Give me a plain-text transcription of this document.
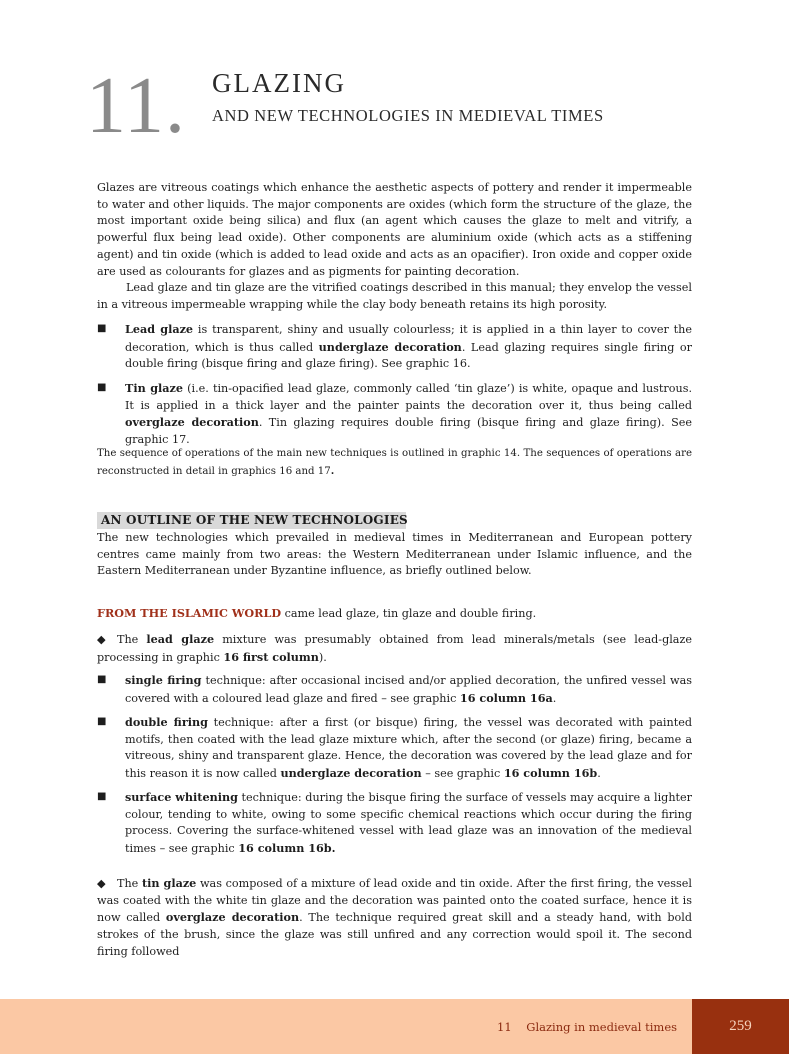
11. GLAZING
AND NEW TECHNOLOGIES IN MEDIEVAL TIMES

Glazes are vitreous coatings which enhance the aesthetic aspects of pottery and render it impermeable to water and other liquids. The major components are oxides (which form the structure of the glaze, the most important oxide being silica) and flux (an agent which causes the glaze to melt and vitrify, a powerful flux being lead oxide). Other components are aluminium oxide (which acts as a stiffening agent) and tin oxide (which is added to lead oxide and acts as an opacifier). Iron oxide and copper oxide are used as colourants for glazes and as pigments for painting decoration.

Lead glaze and tin glaze are the vitrified coatings described in this manual; they envelop the vessel in a vitreous impermeable wrapping while the clay body beneath retains its high porosity.

■	Lead glaze is transparent, shiny and usually colourless; it is applied in a thin layer to cover the decoration, which is thus called underglaze decoration. Lead glazing requires single firing or double firing (bisque firing and glaze firing). See graphic 16.

■	Tin glaze (i.e. tin-opacified lead glaze, commonly called ‘tin glaze’) is white, opaque and lustrous. It is applied in a thick layer and the painter paints the decoration over it, thus being called overglaze decoration. Tin glazing requires double firing (bisque firing and glaze firing). See graphic 17.

The sequence of operations of the main new techniques is outlined in graphic 14. The sequences of operations are reconstructed in detail in graphics 16 and 17.

AN OUTLINE OF THE NEW TECHNOLOGIES

The new technologies which prevailed in medieval times in Mediterranean and European pottery centres came mainly from two areas: the Western Mediterranean under Islamic influence, and the Eastern Mediterranean under Byzantine influence, as briefly outlined below.

FROM THE ISLAMIC WORLD came lead glaze, tin glaze and double firing.

◆ The lead glaze mixture was presumably obtained from lead minerals/metals (see lead-glaze processing in graphic 16 first column).

■	single firing technique: after occasional incised and/or applied decoration, the unfired vessel was covered with a coloured lead glaze and fired – see graphic 16 column 16a.

■	double firing technique: after a first (or bisque) firing, the vessel was decorated with painted motifs, then coated with the lead glaze mixture which, after the second (or glaze) firing, became a vitreous, shiny and transparent glaze. Hence, the decoration was covered by the lead glaze and for this reason it is now called underglaze decoration – see graphic 16 column 16b.

■	surface whitening technique: during the bisque firing the surface of vessels may acquire a lighter colour, tending to white, owing to some specific chemical reactions which occur during the firing process. Covering the surface-whitened vessel with lead glaze was an innovation of the medieval times – see graphic 16 column 16b.

◆ The tin glaze was composed of a mixture of lead oxide and tin oxide. After the first firing, the vessel was coated with the white tin glaze and the decoration was painted onto the coated surface, hence it is now called overglaze decoration. The technique required great skill and a steady hand, with bold strokes of the brush, since the glaze was still unfired and any correction would spoil it. The second firing followed

11    Glazing in medieval times	259
